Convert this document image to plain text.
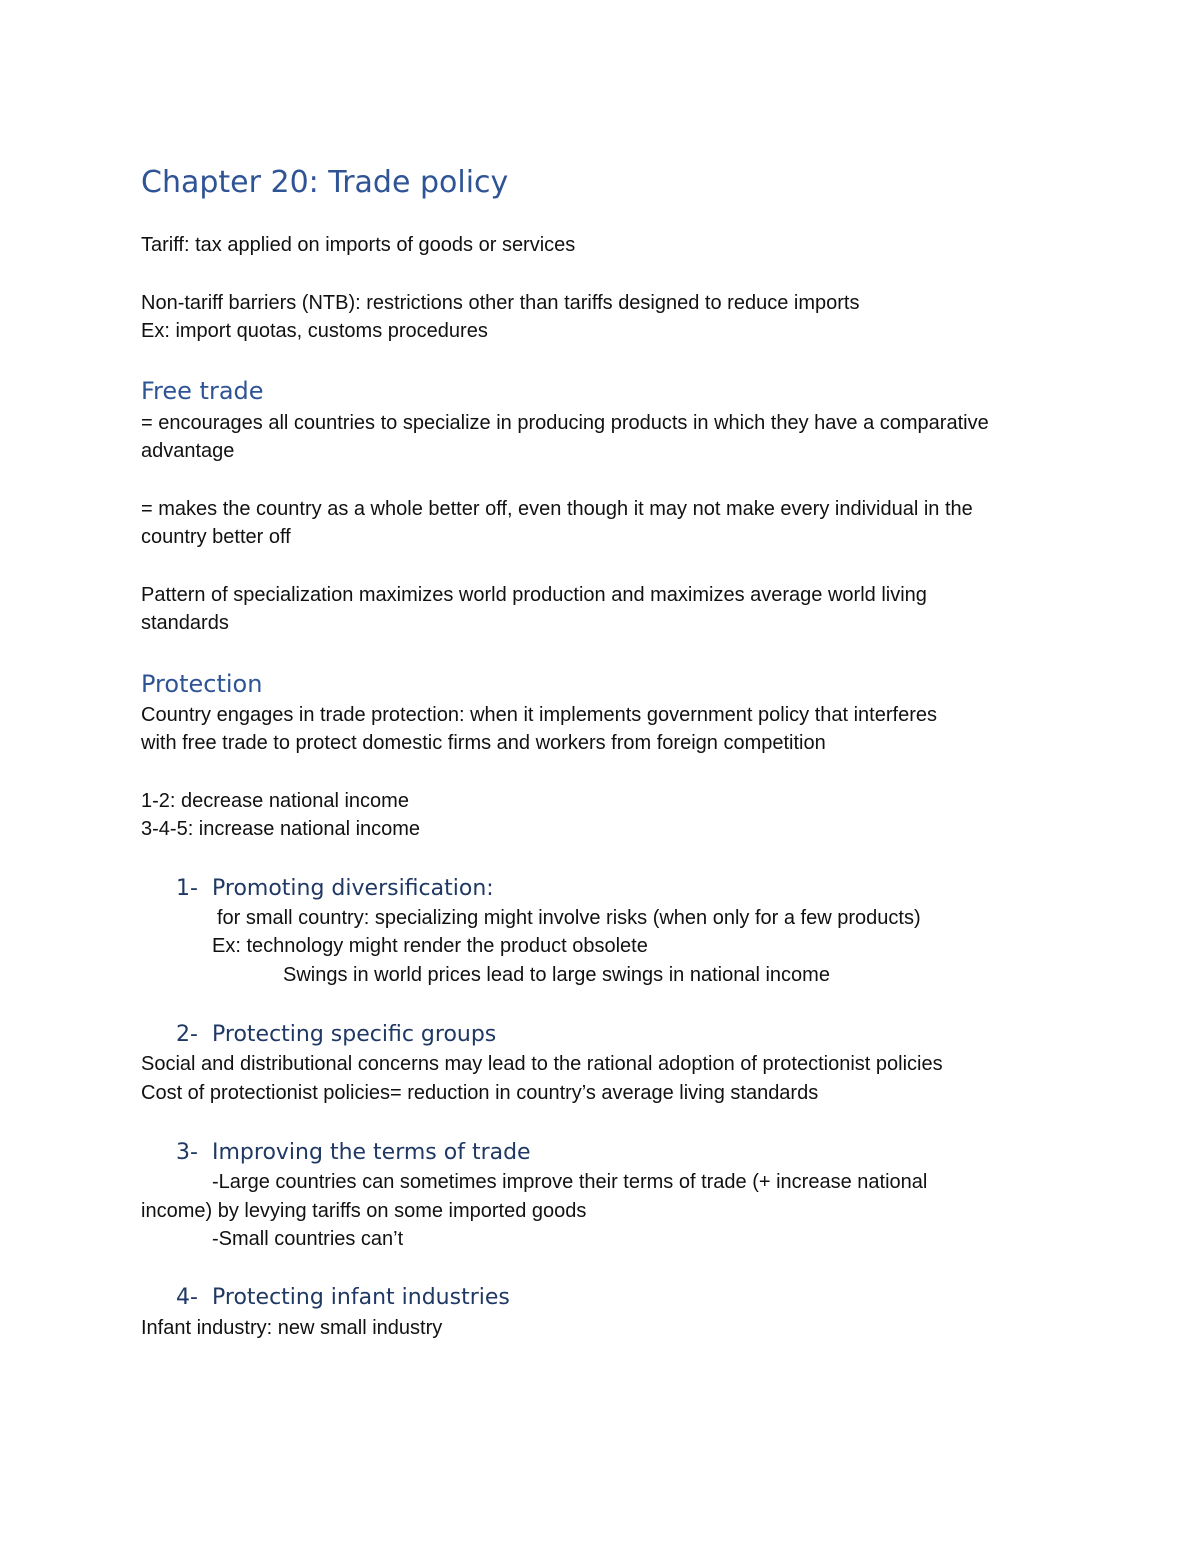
Chapter 20: Trade policy
Tariff: tax applied on imports of goods or services
Non-tariff barriers (NTB): restrictions other than tariffs designed to reduce imports
Ex: import quotas, customs procedures
Free trade
= encourages all countries to specialize in producing products in which they have a comparative
advantage
= makes the country as a whole better off, even though it may not make every individual in the
country better off
Pattern of specialization maximizes world production and maximizes average world living
standards
Protection
Country engages in trade protection: when it implements government policy that interferes
with free trade to protect domestic firms and workers from foreign competition
1-2: decrease national income
3-4-5: increase national income
1- Promoting diversification:
for small country: specializing might involve risks (when only for a few products)
Ex: technology might render the product obsolete
Swings in world prices lead to large swings in national income
2- Protecting specific groups
Social and distributional concerns may lead to the rational adoption of protectionist policies
Cost of protectionist policies= reduction in country’s average living standards
3- Improving the terms of trade
-Large countries can sometimes improve their terms of trade (+ increase national
income) by levying tariffs on some imported goods
-Small countries can’t
4- Protecting infant industries
Infant industry: new small industry
